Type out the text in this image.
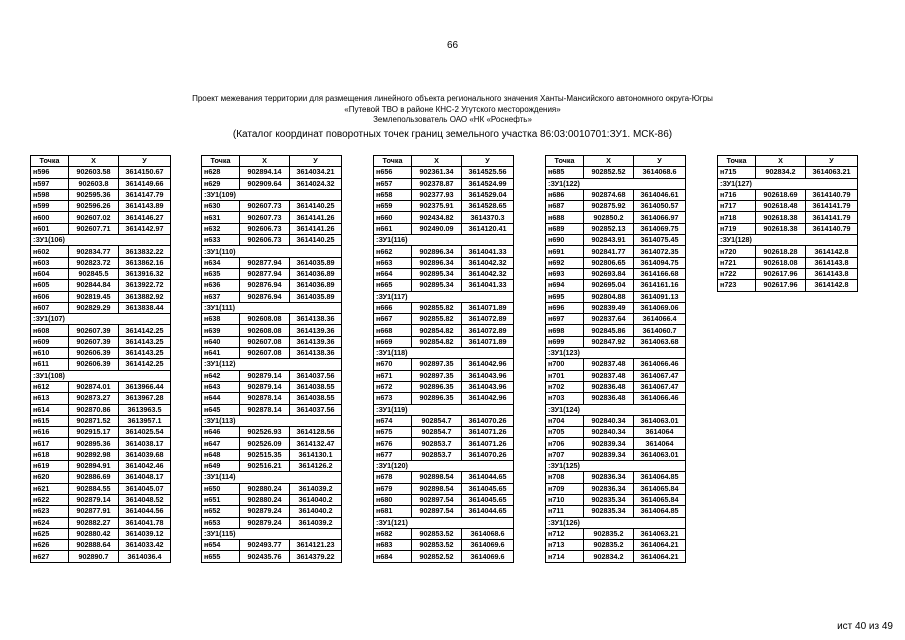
66
Проект межевания территории для размещения линейного объекта регионального значения Ханты-Мансийского автономного округа-Югры
«Путевой ТВО в районе КНС-2 Угутского месторождения»
Землепользователь ОАО «НК «Роснефть»
(Каталог координат поворотных точек границ земельного участка 86:03:0010701:ЗУ1. МСК-86)
Точка	X	У
н596	902603.58	3614150.67
н597	902603.8	3614149.66
н598	902595.36	3614147.79
н599	902596.26	3614143.89
н600	902607.02	3614146.27
н601	902607.71	3614142.97
:ЗУ1(106)		
н602	902834.77	3613832.22
н603	902823.72	3613862.16
н604	902845.5	3613916.32
н605	902844.84	3613922.72
н606	902819.45	3613882.92
н607	902829.29	3613838.44
:ЗУ1(107)		
н608	902607.39	3614142.25
н609	902607.39	3614143.25
н610	902606.39	3614143.25
н611	902606.39	3614142.25
:ЗУ1(108)		
н612	902874.01	3613966.44
н613	902873.27	3613967.28
н614	902870.86	3613963.5
н615	902871.52	3613957.1
н616	902915.17	3614025.54
н617	902895.36	3614038.17
н618	902892.98	3614039.68
н619	902894.91	3614042.46
н620	902886.69	3614048.17
н621	902884.55	3614045.07
н622	902879.14	3614048.52
н623	902877.91	3614044.56
н624	902882.27	3614041.78
н625	902880.42	3614039.12
н626	902888.64	3614033.42
н627	902890.7	3614036.4
Точка	X	У
н628	902894.14	3614034.21
н629	902909.64	3614024.32
:ЗУ1(109)		
н630	902607.73	3614140.25
н631	902607.73	3614141.26
н632	902606.73	3614141.26
н633	902606.73	3614140.25
:ЗУ1(110)		
н634	902877.94	3614035.89
н635	902877.94	3614036.89
н636	902876.94	3614036.89
н637	902876.94	3614035.89
:ЗУ1(111)		
н638	902608.08	3614138.36
н639	902608.08	3614139.36
н640	902607.08	3614139.36
н641	902607.08	3614138.36
:ЗУ1(112)		
н642	902879.14	3614037.56
н643	902879.14	3614038.55
н644	902878.14	3614038.55
н645	902878.14	3614037.56
:ЗУ1(113)		
н646	902526.93	3614128.56
н647	902526.09	3614132.47
н648	902515.35	3614130.1
н649	902516.21	3614126.2
:ЗУ1(114)		
н650	902880.24	3614039.2
н651	902880.24	3614040.2
н652	902879.24	3614040.2
н653	902879.24	3614039.2
:ЗУ1(115)		
н654	902493.77	3614121.23
н655	902435.76	3614379.22
Точка	X	У
н656	902361.34	3614525.56
н657	902378.87	3614524.99
н658	902377.93	3614529.04
н659	902375.91	3614528.65
н660	902434.82	3614370.3
н661	902490.09	3614120.41
:ЗУ1(116)		
н662	902896.34	3614041.33
н663	902896.34	3614042.32
н664	902895.34	3614042.32
н665	902895.34	3614041.33
:ЗУ1(117)		
н666	902855.82	3614071.89
н667	902855.82	3614072.89
н668	902854.82	3614072.89
н669	902854.82	3614071.89
:ЗУ1(118)		
н670	902897.35	3614042.96
н671	902897.35	3614043.96
н672	902896.35	3614043.96
н673	902896.35	3614042.96
:ЗУ1(119)		
н674	902854.7	3614070.26
н675	902854.7	3614071.26
н676	902853.7	3614071.26
н677	902853.7	3614070.26
:ЗУ1(120)		
н678	902898.54	3614044.65
н679	902898.54	3614045.65
н680	902897.54	3614045.65
н681	902897.54	3614044.65
:ЗУ1(121)		
н682	902853.52	3614068.6
н683	902853.52	3614069.6
н684	902852.52	3614069.6
Точка	X	У
н685	902852.52	3614068.6
:ЗУ1(122)		
н686	902874.68	3614046.61
н687	902875.92	3614050.57
н688	902850.2	3614066.97
н689	902852.13	3614069.75
н690	902843.91	3614075.45
н691	902841.77	3614072.35
н692	902806.65	3614094.75
н693	902693.84	3614166.68
н694	902695.04	3614161.16
н695	902804.88	3614091.13
н696	902839.49	3614069.06
н697	902837.64	3614066.4
н698	902845.86	3614060.7
н699	902847.92	3614063.68
:ЗУ1(123)		
н700	902837.48	3614066.46
н701	902837.48	3614067.47
н702	902836.48	3614067.47
н703	902836.48	3614066.46
:ЗУ1(124)		
н704	902840.34	3614063.01
н705	902840.34	3614064
н706	902839.34	3614064
н707	902839.34	3614063.01
:ЗУ1(125)		
н708	902836.34	3614064.85
н709	902836.34	3614065.84
н710	902835.34	3614065.84
н711	902835.34	3614064.85
:ЗУ1(126)		
н712	902835.2	3614063.21
н713	902835.2	3614064.21
н714	902834.2	3614064.21
Точка	X	У
н715	902834.2	3614063.21
:ЗУ1(127)		
н716	902618.69	3614140.79
н717	902618.48	3614141.79
н718	902618.38	3614141.79
н719	902618.38	3614140.79
:ЗУ1(128)		
н720	902618.28	3614142.8
н721	902618.08	3614143.8
н722	902617.96	3614143.8
н723	902617.96	3614142.8
ист 40 из 49
